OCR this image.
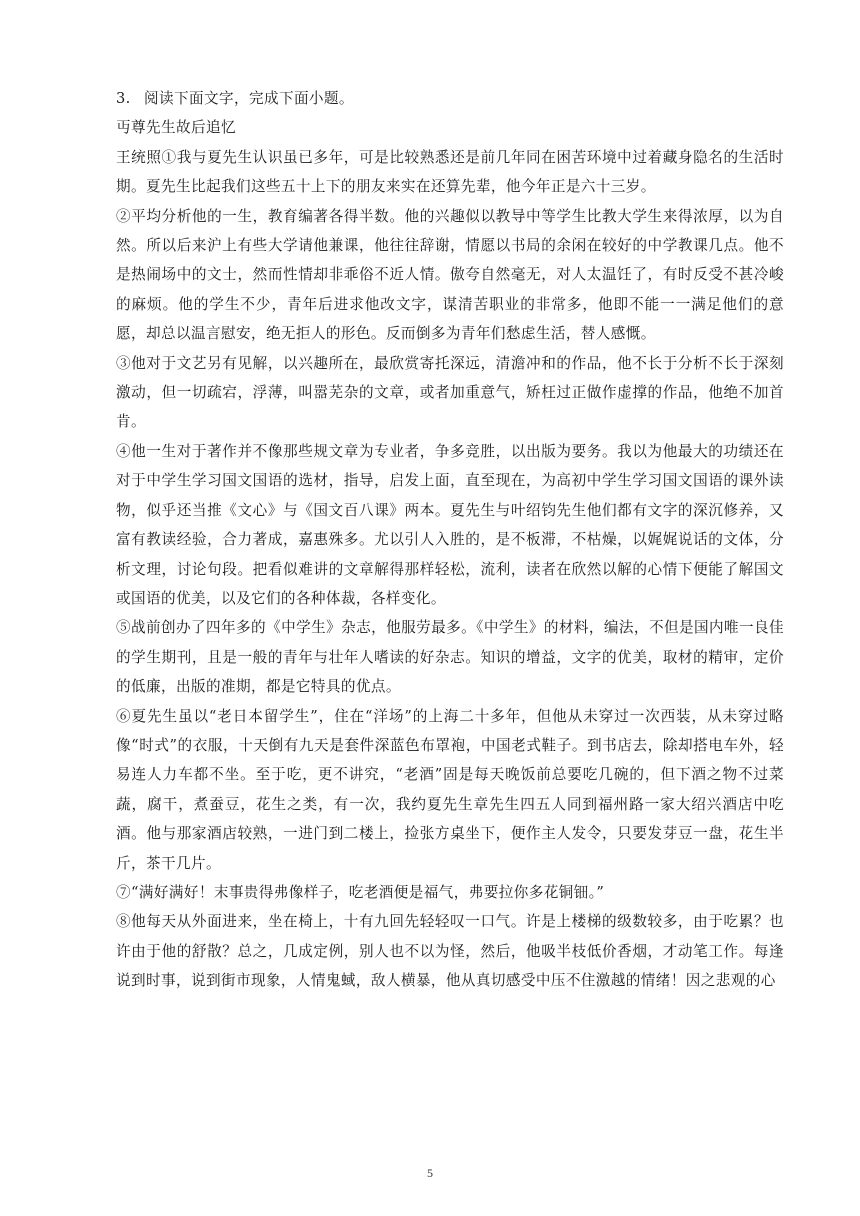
3. 阅读下面文字，完成下面小题。

丏尊先生故后追忆

王统照①我与夏先生认识虽已多年，可是比较熟悉还是前几年同在困苦环境中过着藏身隐名的生活时期。夏先生比起我们这些五十上下的朋友来实在还算先辈，他今年正是六十三岁。

②平均分析他的一生，教育编著各得半数。他的兴趣似以教导中等学生比教大学生来得浓厚，以为自然。所以后来沪上有些大学请他兼课，他往往辞谢，情愿以书局的余闲在较好的中学教课几点。他不是热闹场中的文士，然而性情却非乖俗不近人情。傲夸自然毫无，对人太温饪了，有时反受不甚冷峻的麻烦。他的学生不少，青年后进求他改文字，谋清苦职业的非常多，他即不能一一满足他们的意愿，却总以温言慰安，绝无拒人的形色。反而倒多为青年们愁虑生活，替人感慨。

③他对于文艺另有见解，以兴趣所在，最欣赏寄托深远，清澹冲和的作品，他不长于分析不长于深刻激动，但一切疏宕，浮薄，叫嚣芜杂的文章，或者加重意气，矫枉过正做作虚撑的作品，他绝不加首肯。

④他一生对于著作并不像那些规文章为专业者，争多竞胜，以出版为要务。我以为他最大的功绩还在对于中学生学习国文国语的选材，指导，启发上面，直至现在，为高初中学生学习国文国语的课外读物，似乎还当推《文心》与《国文百八课》两本。夏先生与叶绍钧先生他们都有文字的深沉修养，又富有教读经验，合力著成，嘉惠殊多。尤以引人入胜的，是不板滞，不枯燥，以娓娓说话的文体，分析文理，讨论句段。把看似难讲的文章解得那样轻松，流利，读者在欣然以解的心情下便能了解国文或国语的优美，以及它们的各种体裁，各样变化。

⑤战前创办了四年多的《中学生》杂志，他服劳最多。《中学生》的材料，编法，不但是国内唯一良佳的学生期刊，且是一般的青年与壮年人嗜读的好杂志。知识的增益，文字的优美，取材的精审，定价的低廉，出版的准期，都是它特具的优点。

⑥夏先生虽以“老日本留学生”，住在“洋场”的上海二十多年，但他从未穿过一次西装，从未穿过略像“时式”的衣服，十天倒有九天是套件深蓝色布罩袍，中国老式鞋子。到书店去，除却搭电车外，轻易连人力车都不坐。至于吃，更不讲究，“老酒”固是每天晚饭前总要吃几碗的，但下酒之物不过菜蔬，腐干，煮蚕豆，花生之类，有一次，我约夏先生章先生四五人同到福州路一家大绍兴酒店中吃酒。他与那家酒店较熟，一进门到二楼上，捡张方桌坐下，便作主人发令，只要发芽豆一盘，花生半斤，茶干几片。

⑦“满好满好！末事贵得弗像样子，吃老酒便是福气，弗要拉你多花铜钿。”

⑧他每天从外面进来，坐在椅上，十有九回先轻轻叹一口气。许是上楼梯的级数较多，由于吃累？也许由于他的舒散？总之，几成定例，别人也不以为怪，然后，他吸半枝低价香烟，才动笔工作。每逢说到时事，说到街市现象，人情鬼蜮，敌人横暴，他从真切感受中压不住激越的情绪！因之悲观的心

5
